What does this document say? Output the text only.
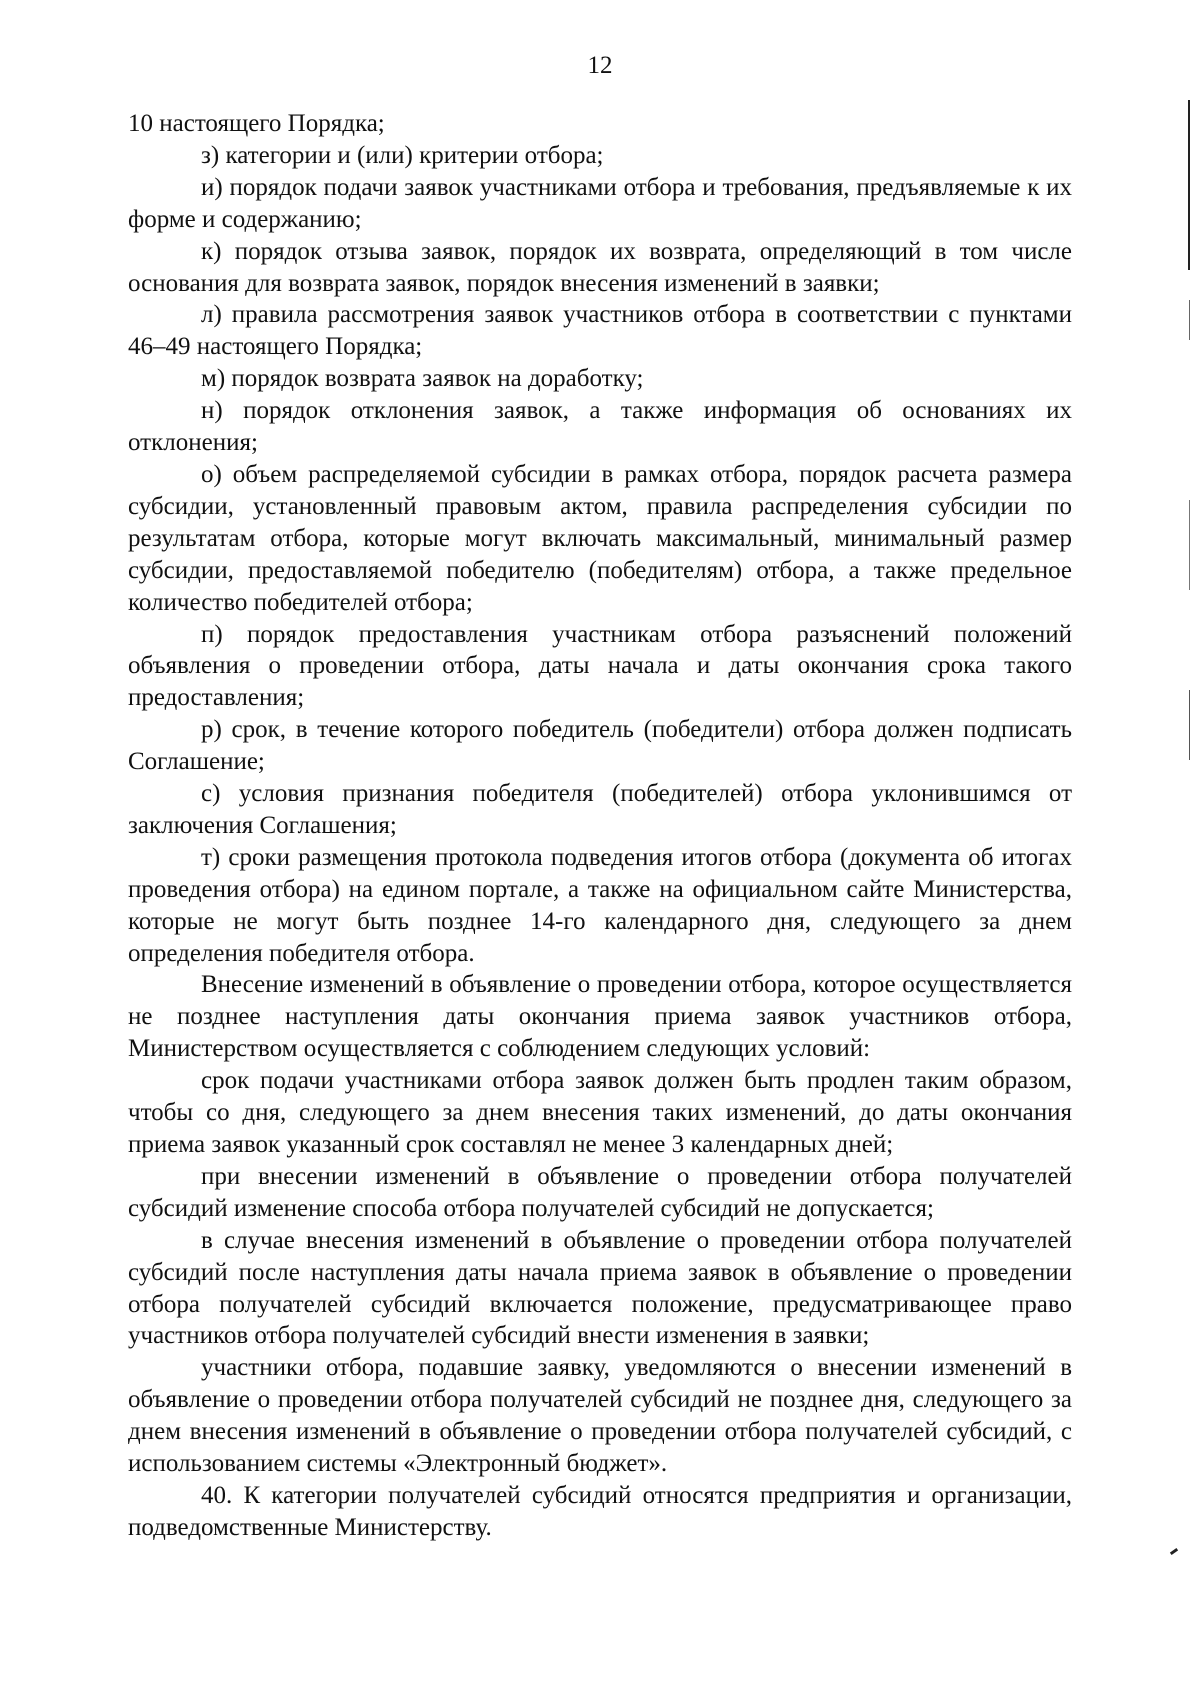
12

10 настоящего Порядка;

з) категории и (или) критерии отбора;

и) порядок подачи заявок участниками отбора и требования, предъявляемые к их форме и содержанию;

к) порядок отзыва заявок, порядок их возврата, определяющий в том числе основания для возврата заявок, порядок внесения изменений в заявки;

л) правила рассмотрения заявок участников отбора в соответствии с пунктами 46–49 настоящего Порядка;

м) порядок возврата заявок на доработку;

н) порядок отклонения заявок, а также информация об основаниях их отклонения;

о) объем распределяемой субсидии в рамках отбора, порядок расчета размера субсидии, установленный правовым актом, правила распределения субсидии по результатам отбора, которые могут включать максимальный, минимальный размер субсидии, предоставляемой победителю (победителям) отбора, а также предельное количество победителей отбора;

п) порядок предоставления участникам отбора разъяснений положений объявления о проведении отбора, даты начала и даты окончания срока такого предоставления;

р) срок, в течение которого победитель (победители) отбора должен подписать Соглашение;

с) условия признания победителя (победителей) отбора уклонившимся от заключения Соглашения;

т) сроки размещения протокола подведения итогов отбора (документа об итогах проведения отбора) на едином портале, а также на официальном сайте Министерства, которые не могут быть позднее 14-го календарного дня, следующего за днем определения победителя отбора.

Внесение изменений в объявление о проведении отбора, которое осуществляется не позднее наступления даты окончания приема заявок участников отбора, Министерством осуществляется с соблюдением следующих условий:

срок подачи участниками отбора заявок должен быть продлен таким образом, чтобы со дня, следующего за днем внесения таких изменений, до даты окончания приема заявок указанный срок составлял не менее 3 календарных дней;

при внесении изменений в объявление о проведении отбора получателей субсидий изменение способа отбора получателей субсидий не допускается;

в случае внесения изменений в объявление о проведении отбора получателей субсидий после наступления даты начала приема заявок в объявление о проведении отбора получателей субсидий включается положение, предусматривающее право участников отбора получателей субсидий внести изменения в заявки;

участники отбора, подавшие заявку, уведомляются о внесении изменений в объявление о проведении отбора получателей субсидий не позднее дня, следующего за днем внесения изменений в объявление о проведении отбора получателей субсидий, с использованием системы «Электронный бюджет».

40. К категории получателей субсидий относятся предприятия и организации, подведомственные Министерству.
